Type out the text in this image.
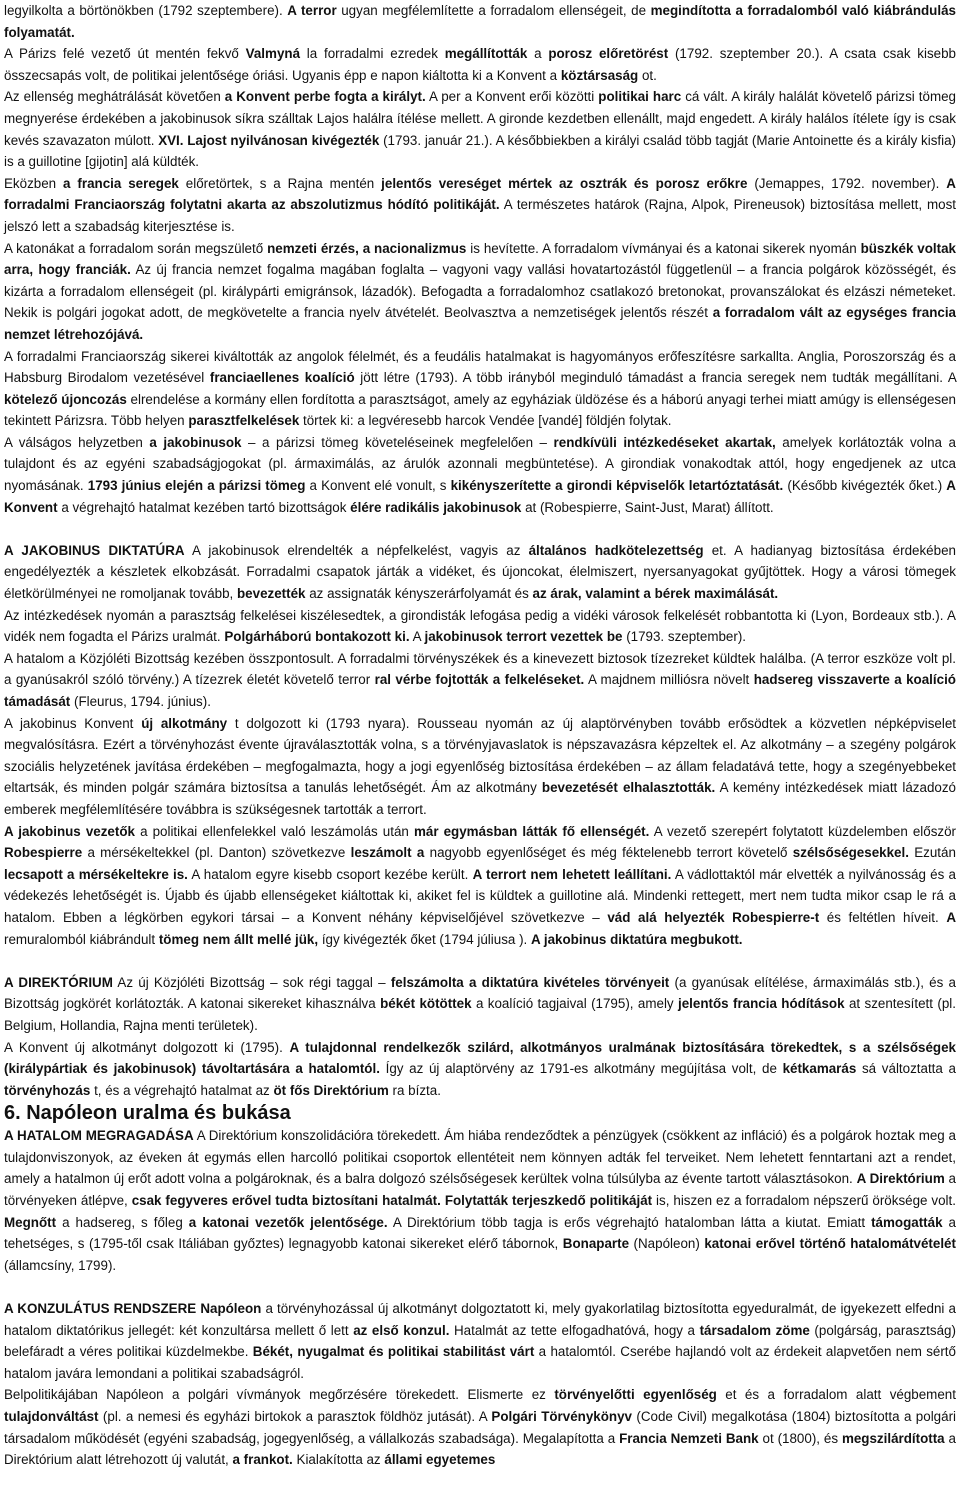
legyilkolta a börtönökben (1792 szeptembere). A terror ugyan megfélemlítette a forradalom ellenségeit, de megindította a forradalomból való kiábrándulás folyamatát.

A Párizs felé vezető út mentén fekvő Valmyná la forradalmi ezredek megállították a porosz előretörést (1792. szeptember 20.). A csata csak kisebb összecsapás volt, de politikai jelentősége óriási. Ugyanis épp e napon kiáltotta ki a Konvent a köztársaság ot.

Az ellenség meghátrálását követően a Konvent perbe fogta a királyt. A per a Konvent erői közötti politikai harc cá vált. A király halálát követelő párizsi tömeg megnyerése érdekében a jakobinusok síkra szálltak Lajos halálra ítélése mellett. A gironde kezdetben ellenállt, majd engedett. A király halálos ítélete így is csak kevés szavazaton múlott. XVI. Lajost nyilvánosan kivégezték (1793. január 21.). A későbbiekben a királyi család több tagját (Marie Antoinette és a király kisfia) is a guillotine [gijotin] alá küldték.

Eközben a francia seregek előretörtek, s a Rajna mentén jelentős vereséget mértek az osztrák és porosz erőkre (Jemappes, 1792. november). A forradalmi Franciaország folytatni akarta az abszolutizmus hódító politikáját. A természetes határok (Rajna, Alpok, Pireneusok) biztosítása mellett, most jelszó lett a szabadság kiterjesztése is.

A katonákat a forradalom során megszülető nemzeti érzés, a nacionalizmus is hevítette. A forradalom vívmányai és a katonai sikerek nyomán büszkék voltak arra, hogy franciák. Az új francia nemzet fogalma magában foglalta – vagyoni vagy vallási hovatartozástól függetlenül – a francia polgárok közösségét, és kizárta a forradalom ellenségeit (pl. királypárti emigránsok, lázadók). Befogadta a forradalomhoz csatlakozó bretonokat, provanszálokat és elzászi németeket. Nekik is polgári jogokat adott, de megkövetelte a francia nyelv átvételét. Beolvasztva a nemzetiségek jelentős részét a forradalom vált az egységes francia nemzet létrehozójává.

A forradalmi Franciaország sikerei kiváltották az angolok félelmét, és a feudális hatalmakat is hagyományos erőfeszítésre sarkallta. Anglia, Poroszország és a Habsburg Birodalom vezetésével franciaellenes koalíció jött létre (1793). A több irányból meginduló támadást a francia seregek nem tudták megállítani. A kötelező újoncozás elrendelése a kormány ellen fordította a parasztságot, amely az egyháziak üldözése és a háború anyagi terhei miatt amúgy is ellenségesen tekintett Párizsra. Több helyen parasztfelkelések törtek ki: a legvéresebb harcok Vendée [vandé] földjén folytak.

A válságos helyzetben a jakobinusok – a párizsi tömeg követeléseinek megfelelően – rendkívüli intézkedéseket akartak, amelyek korlátozták volna a tulajdont és az egyéni szabadságjogokat (pl. ármaximálás, az árulók azonnali megbüntetése). A girondiak vonakodtak attól, hogy engedjenek az utca nyomásának. 1793 június elején a párizsi tömeg a Konvent elé vonult, s kikényszerítette a girondi képviselők letartóztatását. (Később kivégezték őket.) A Konvent a végrehajtó hatalmat kezében tartó bizottságok élére radikális jakobinusok at (Robespierre, Saint-Just, Marat) állított.

A JAKOBINUS DIKTATÚRA A jakobinusok elrendelték a népfelkelést, vagyis az általános hadkötelezettség et. A hadianyag biztosítása érdekében engedélyezték a készletek elkobzását. Forradalmi csapatok járták a vidéket, és újoncokat, élelmiszert, nyersanyagokat gyűjtöttek. Hogy a városi tömegek életkörülményei ne romoljanak tovább, bevezették az assignaták kényszerárfolyamát és az árak, valamint a bérek maximálását.

Az intézkedések nyomán a parasztság felkelései kiszélesedtek, a girondisták lefogása pedig a vidéki városok felkelését robbantotta ki (Lyon, Bordeaux stb.). A vidék nem fogadta el Párizs uralmát. Polgárháború bontakozott ki. A jakobinusok terrort vezettek be (1793. szeptember).

A hatalom a Közjóléti Bizottság kezében összpontosult. A forradalmi törvényszékek és a kinevezett biztosok tízezreket küldtek halálba. (A terror eszköze volt pl. a gyanúsakról szóló törvény.) A tízezrek életét követelő terror ral vérbe fojtották a felkeléseket. A majdnem milliósra növelt hadsereg visszaverte a koalíció támadását (Fleurus, 1794. június).

A jakobinus Konvent új alkotmány t dolgozott ki (1793 nyara). Rousseau nyomán az új alaptörvényben tovább erősödtek a közvetlen népképviselet megvalósításra. Ezért a törvényhozást évente újraválasztották volna, s a törvényjavaslatok is népszavazásra képzeltek el. Az alkotmány – a szegény polgárok szociális helyzetének javítása érdekében – megfogalmazta, hogy a jogi egyenlőség biztosítása érdekében – az állam feladatává tette, hogy a szegényebbeket eltartsák, és minden polgár számára biztosítsa a tanulás lehetőségét. Ám az alkotmány bevezetését elhalasztották. A kemény intézkedések miatt lázadozó emberek megfélemlítésére továbbra is szükségesnek tartották a terrort.

A jakobinus vezetők a politikai ellenfelekkel való leszámolás után már egymásban látták fő ellenségét. A vezető szerepért folytatott küzdelemben először Robespierre a mérsékeltekkel (pl. Danton) szövetkezve leszámolt a nagyobb egyenlőséget és még féktelenebb terrort követelő szélsőségesekkel. Ezután lecsapott a mérsékeltekre is. A hatalom egyre kisebb csoport kezébe került. A terrort nem lehetett leállítani. A vádlottaktól már elvették a nyilvánosság és a védekezés lehetőségét is. Újabb és újabb ellenségeket kiáltottak ki, akiket fel is küldtek a guillotine alá. Mindenki rettegett, mert nem tudta mikor csap le rá a hatalom. Ebben a légkörben egykori társai – a Konvent néhány képviselőjével szövetkezve – vád alá helyezték Robespierre-t és feltétlen híveit. A remuralomból kiábrándult tömeg nem állt mellé jük, így kivégezték őket (1794 júliusa ). A jakobinus diktatúra megbukott.

A DIREKTÓRIUM Az új Közjóléti Bizottság – sok régi taggal – felszámolta a diktatúra kivételes törvényeit (a gyanúsak elítélése, ármaximálás stb.), és a Bizottság jogkörét korlátozták. A katonai sikereket kihasználva békét kötöttek a koalíció tagjaival (1795), amely jelentős francia hódítások at szentesített (pl. Belgium, Hollandia, Rajna menti területek).

A Konvent új alkotmányt dolgozott ki (1795). A tulajdonnal rendelkezők szilárd, alkotmányos uralmának biztosítására törekedtek, s a szélsőségek (királypártiak és jakobinusok) távoltartására a hatalomtól. Így az új alaptörvény az 1791-es alkotmány megújítása volt, de kétkamarás sá változtatta a törvényhozás t, és a végrehajtó hatalmat az öt fős Direktórium ra bízta.

6. Napóleon uralma és bukása

A HATALOM MEGRAGADÁSA A Direktórium konszolidációra törekedett. Ám hiába rendeződtek a pénzügyek (csökkent az infláció) és a polgárok hoztak meg a tulajdonviszonyok, az éveken át egymás ellen harcolló politikai csoportok ellentéteit nem könnyen adták fel terveiket. Nem lehetett fenntartani azt a rendet, amely a hatalmon új erőt adott volna a polgároknak, és a balra dolgozó szélsőségesek kerültek volna túlsúlyba az évente tartott választásokon. A Direktórium a törvényeken átlépve, csak fegyveres erővel tudta biztosítani hatalmát. Folytatták terjeszkedő politikáját is, hiszen ez a forradalom népszerű öröksége volt. Megnőtt a hadsereg, s főleg a katonai vezetők jelentősége. A Direktórium több tagja is erős végrehajtó hatalomban látta a kiutat. Emiatt támogatták a tehetséges, s (1795-től csak Itáliában győztes) legnagyobb katonai sikereket elérő tábornok, Bonaparte (Napóleon) katonai erővel történő hatalomátvételét (államcsíny, 1799).

A KONZULÁTUS RENDSZERE Napóleon a törvényhozással új alkotmányt dolgoztatott ki, mely gyakorlatilag biztosította egyeduralmát, de igyekezett elfedni a hatalom diktatórikus jellegét: két konzultársa mellett ő lett az első konzul. Hatalmát az tette elfogadhatóvá, hogy a társadalom zöme (polgárság, parasztság) belefáradt a véres politikai küzdelmekbe. Békét, nyugalmat és politikai stabilitást várt a hatalomtól. Cserébe hajlandó volt az érdekeit alapvetően nem sértő hatalom javára lemondani a politikai szabadságról.

Belpolitikájában Napóleon a polgári vívmányok megőrzésére törekedett. Elismerte ez törvényelőtti egyenlőség et és a forradalom alatt végbement tulajdonváltást (pl. a nemesi és egyházi birtokok a parasztok földhöz jutását). A Polgári Törvénykönyv (Code Civil) megalkotása (1804) biztosította a polgári társadalom működését (egyéni szabadság, jogegyenlőség, a vállalkozás szabadsága). Megalapította a Francia Nemzeti Bank ot (1800), és megszilárdította a Direktórium alatt létrehozott új valutát, a frankot. Kialakította az állami egyetemes
